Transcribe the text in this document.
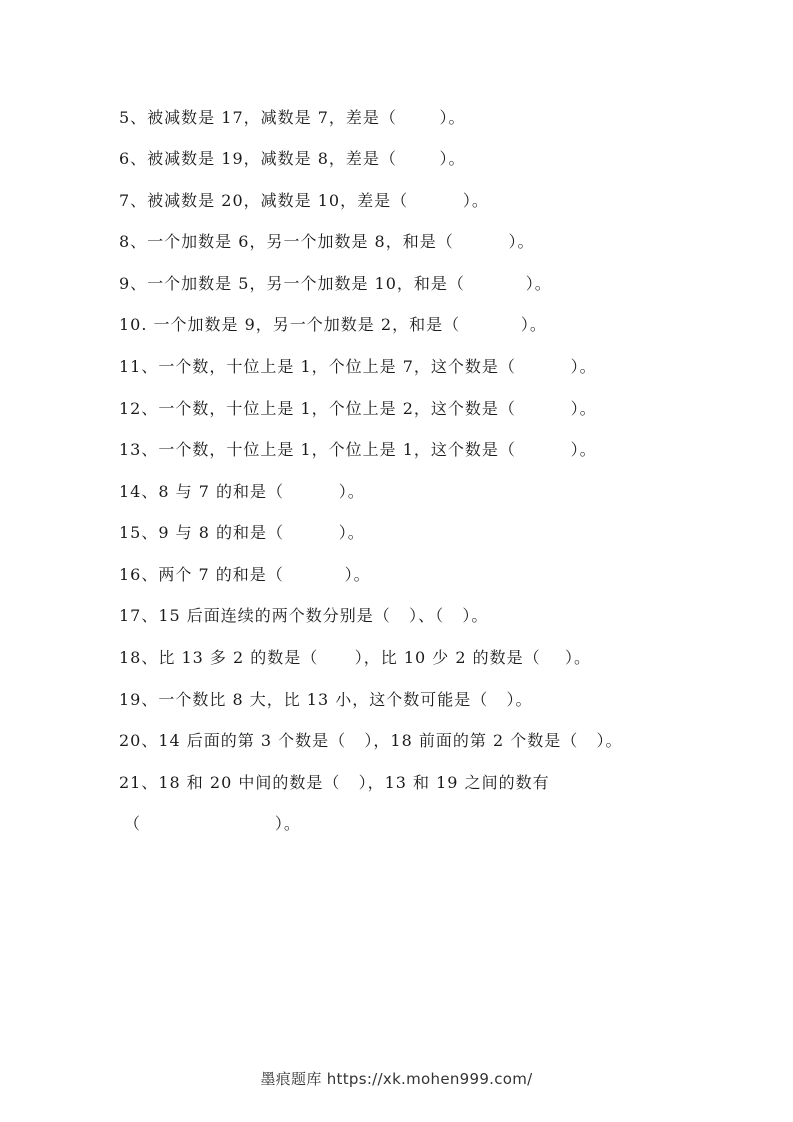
5、被减数是 17，减数是 7，差是（       ）。
6、被减数是 19，减数是 8，差是（       ）。
7、被减数是 20，减数是 10，差是（         ）。
8、一个加数是 6，另一个加数是 8，和是（         ）。
9、一个加数是 5，另一个加数是 10，和是（          ）。
10. 一个加数是 9，另一个加数是 2，和是（          ）。
11、一个数，十位上是 1，个位上是 7，这个数是（         ）。
12、一个数，十位上是 1，个位上是 2，这个数是（         ）。
13、一个数，十位上是 1，个位上是 1，这个数是（         ）。
14、8 与 7 的和是（         ）。
15、9 与 8 的和是（         ）。
16、两个 7 的和是（          ）。
17、15 后面连续的两个数分别是（   ）、（   ）。
18、比 13 多 2 的数是（      ），比 10 少 2 的数是（    ）。
19、一个数比 8 大，比 13 小，这个数可能是（   ）。
20、14 后面的第 3 个数是（   ），18 前面的第 2 个数是（   ）。
21、18 和 20 中间的数是（   ），13 和 19 之间的数有
（                      ）。
墨痕题库 https://xk.mohen999.com/
